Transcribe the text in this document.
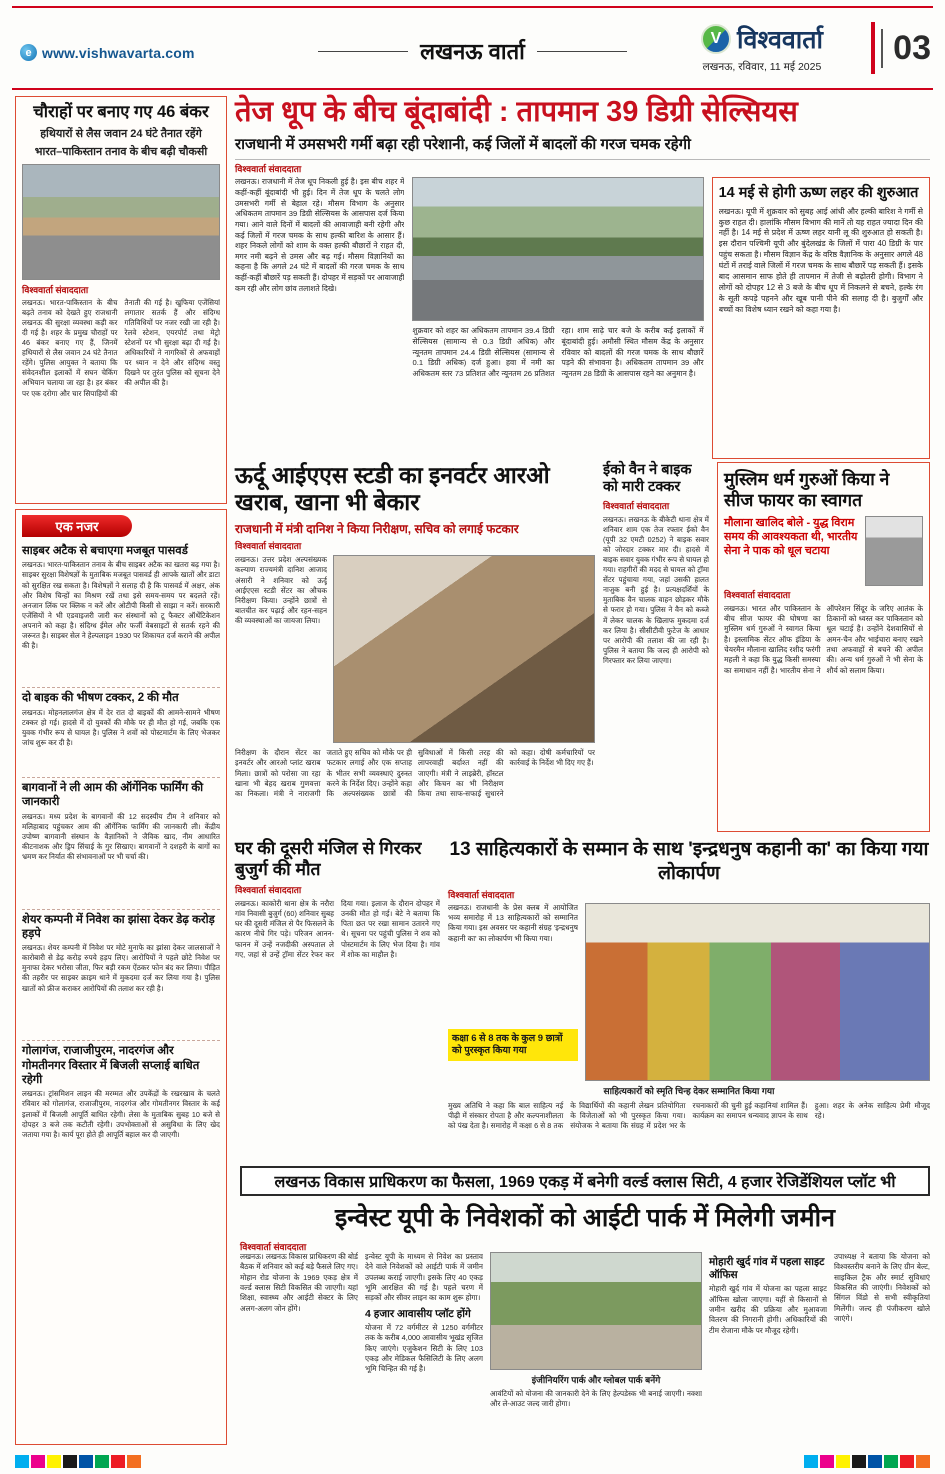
e www.vishwavarta.com	लखनऊ वार्ता
V विश्ववार्ता
लखनऊ, रविवार, 11 मई 2025
03
चौराहों पर बनाए गए 46 बंकर
हथियारों से लैस जवान 24 घंटे तैनात रहेंगे
भारत–पाकिस्तान तनाव के बीच बढ़ी चौकसी
विश्ववार्ता संवाददाता
लखनऊ। भारत-पाकिस्तान के बीच बढ़ते तनाव को देखते हुए राजधानी लखनऊ की सुरक्षा व्यवस्था कड़ी कर दी गई है। शहर के प्रमुख चौराहों पर 46 बंकर बनाए गए हैं, जिनमें हथियारों से लैस जवान 24 घंटे तैनात रहेंगे। पुलिस आयुक्त ने बताया कि संवेदनशील इलाकों में सघन चेकिंग अभियान चलाया जा रहा है। हर बंकर पर एक दरोगा और चार सिपाहियों की तैनाती की गई है। खुफिया एजेंसियां लगातार सतर्क हैं और संदिग्ध गतिविधियों पर नजर रखी जा रही है। रेलवे स्टेशन, एयरपोर्ट तथा मेट्रो स्टेशनों पर भी सुरक्षा बढ़ा दी गई है। अधिकारियों ने नागरिकों से अफवाहों पर ध्यान न देने और संदिग्ध वस्तु दिखने पर तुरंत पुलिस को सूचना देने की अपील की है।
एक नजर
साइबर अटैक से बचाएगा मजबूत पासवर्ड
लखनऊ। भारत-पाकिस्तान तनाव के बीच साइबर अटैक का खतरा बढ़ गया है। साइबर सुरक्षा विशेषज्ञों के मुताबिक मजबूत पासवर्ड ही आपके खातों और डाटा को सुरक्षित रख सकता है। विशेषज्ञों ने सलाह दी है कि पासवर्ड में अक्षर, अंक और विशेष चिन्हों का मिश्रण रखें तथा इसे समय-समय पर बदलते रहें। अनजान लिंक पर क्लिक न करें और ओटीपी किसी से साझा न करें। सरकारी एजेंसियों ने भी एडवाइजरी जारी कर संस्थानों को टू फैक्टर ऑथेंटिकेशन अपनाने को कहा है। संदिग्ध ईमेल और फर्जी वेबसाइटों से सतर्क रहने की जरूरत है। साइबर सेल ने हेल्पलाइन 1930 पर शिकायत दर्ज कराने की अपील की है।
दो बाइक की भीषण टक्कर, 2 की मौत
लखनऊ। मोहनलालगंज क्षेत्र में देर रात दो बाइकों की आमने-सामने भीषण टक्कर हो गई। हादसे में दो युवकों की मौके पर ही मौत हो गई, जबकि एक युवक गंभीर रूप से घायल है। पुलिस ने शवों को पोस्टमार्टम के लिए भेजकर जांच शुरू कर दी है।
बागवानों ने ली आम की ऑर्गेनिक फार्मिंग की जानकारी
लखनऊ। मध्य प्रदेश के बागवानों की 12 सदस्यीय टीम ने शनिवार को मलिहाबाद पहुंचकर आम की ऑर्गेनिक फार्मिंग की जानकारी ली। केंद्रीय उपोष्ण बागवानी संस्थान के वैज्ञानिकों ने जैविक खाद, नीम आधारित कीटनाशक और ड्रिप सिंचाई के गुर सिखाए। बागवानों ने दशहरी के बागों का भ्रमण कर निर्यात की संभावनाओं पर भी चर्चा की।
शेयर कम्पनी में निवेश का झांसा देकर डेढ़ करोड़ हड़पे
लखनऊ। शेयर कम्पनी में निवेश पर मोटे मुनाफे का झांसा देकर जालसाजों ने कारोबारी से डेढ़ करोड़ रुपये हड़प लिए। आरोपियों ने पहले छोटे निवेश पर मुनाफा देकर भरोसा जीता, फिर बड़ी रकम ऐंठकर फोन बंद कर लिया। पीड़ित की तहरीर पर साइबर क्राइम थाने में मुकदमा दर्ज कर लिया गया है। पुलिस खातों को फ्रीज कराकर आरोपियों की तलाश कर रही है।
गोलागंज, राजाजीपुरम, नादरगंज और गोमतीनगर विस्तार में बिजली सप्लाई बाधित रहेगी
लखनऊ। ट्रांसमिशन लाइन की मरम्मत और उपकेंद्रों के रखरखाव के चलते रविवार को गोलागंज, राजाजीपुरम, नादरगंज और गोमतीनगर विस्तार के कई इलाकों में बिजली आपूर्ति बाधित रहेगी। लेसा के मुताबिक सुबह 10 बजे से दोपहर 3 बजे तक कटौती रहेगी। उपभोक्ताओं से असुविधा के लिए खेद जताया गया है। कार्य पूरा होते ही आपूर्ति बहाल कर दी जाएगी।
तेज धूप के बीच बूंदाबांदी : तापमान 39 डिग्री सेल्सियस
राजधानी में उमसभरी गर्मी बढ़ा रही परेशानी, कई जिलों में बादलों की गरज चमक रहेगी
विश्ववार्ता संवाददाता
लखनऊ। राजधानी में तेज धूप निकली हुई है। इस बीच शहर में कहीं-कहीं बूंदाबांदी भी हुई। दिन में तेज धूप के चलते लोग उमसभरी गर्मी से बेहाल रहे। मौसम विभाग के अनुसार अधिकतम तापमान 39 डिग्री सेल्सियस के आसपास दर्ज किया गया। आने वाले दिनों में बादलों की आवाजाही बनी रहेगी और कई जिलों में गरज चमक के साथ हल्की बारिश के आसार हैं। शहर निकले लोगों को शाम के वक्त हल्की बौछारों ने राहत दी, मगर नमी बढ़ने से उमस और बढ़ गई। मौसम विज्ञानियों का कहना है कि अगले 24 घंटे में बादलों की गरज चमक के साथ कहीं-कहीं बौछारें पड़ सकती हैं। दोपहर में सड़कों पर आवाजाही कम रही और लोग छांव तलाशते दिखे।
शुक्रवार को शहर का अधिकतम तापमान 39.4 डिग्री सेल्सियस (सामान्य से 0.3 डिग्री अधिक) और न्यूनतम तापमान 24.4 डिग्री सेल्सियस (सामान्य से 0.1 डिग्री अधिक) दर्ज हुआ। हवा में नमी का अधिकतम स्तर 73 प्रतिशत और न्यूनतम 26 प्रतिशत रहा। शाम साढ़े चार बजे के करीब कई इलाकों में बूंदाबांदी हुई। अमौसी स्थित मौसम केंद्र के अनुसार रविवार को बादलों की गरज चमक के साथ बौछारें पड़ने की संभावना है। अधिकतम तापमान 39 और न्यूनतम 28 डिग्री के आसपास रहने का अनुमान है।
14 मई से होगी ऊष्ण लहर की शुरुआत
लखनऊ। यूपी में शुक्रवार को सुबह आई आंधी और हल्की बारिश ने गर्मी से कुछ राहत दी। हालांकि मौसम विभाग की मानें तो यह राहत ज्यादा दिन की नहीं है। 14 मई से प्रदेश में ऊष्ण लहर यानी लू की शुरुआत हो सकती है। इस दौरान पश्चिमी यूपी और बुंदेलखंड के जिलों में पारा 40 डिग्री के पार पहुंच सकता है। मौसम विज्ञान केंद्र के वरिष्ठ वैज्ञानिक के अनुसार अगले 48 घंटों में तराई वाले जिलों में गरज चमक के साथ बौछारें पड़ सकती हैं। इसके बाद आसमान साफ होते ही तापमान में तेजी से बढ़ोतरी होगी। विभाग ने लोगों को दोपहर 12 से 3 बजे के बीच धूप में निकलने से बचने, हल्के रंग के सूती कपड़े पहनने और खूब पानी पीने की सलाह दी है। बुजुर्गों और बच्चों का विशेष ध्यान रखने को कहा गया है।
ऊर्दू आईएएस स्टडी का इनवर्टर आरओ खराब, खाना भी बेकार
राजधानी में मंत्री दानिश ने किया निरीक्षण, सचिव को लगाई फटकार
विश्ववार्ता संवाददाता
लखनऊ। उत्तर प्रदेश अल्पसंख्यक कल्याण राज्यमंत्री दानिश आजाद अंसारी ने शनिवार को ऊर्दू आईएएस स्टडी सेंटर का औचक निरीक्षण किया। उन्होंने छात्रों से बातचीत कर पढ़ाई और रहन-सहन की व्यवस्थाओं का जायजा लिया।
निरीक्षण के दौरान सेंटर का इनवर्टर और आरओ प्लांट खराब मिला। छात्रों को परोसा जा रहा खाना भी बेहद खराब गुणवत्ता का निकला। मंत्री ने नाराजगी जताते हुए सचिव को मौके पर ही फटकार लगाई और एक सप्ताह के भीतर सभी व्यवस्थाएं दुरुस्त करने के निर्देश दिए। उन्होंने कहा कि अल्पसंख्यक छात्रों की सुविधाओं में किसी तरह की लापरवाही बर्दाश्त नहीं की जाएगी। मंत्री ने लाइब्रेरी, हॉस्टल और किचन का भी निरीक्षण किया तथा साफ-सफाई सुधारने को कहा। दोषी कर्मचारियों पर कार्रवाई के निर्देश भी दिए गए हैं।
ईको वैन ने बाइक को मारी टक्कर
विश्ववार्ता संवाददाता
लखनऊ। लखनऊ के बीकेटी थाना क्षेत्र में शनिवार शाम एक तेज रफ्तार ईको वैन (यूपी 32 एमटी 0252) ने बाइक सवार को जोरदार टक्कर मार दी। हादसे में बाइक सवार युवक गंभीर रूप से घायल हो गया। राहगीरों की मदद से घायल को ट्रॉमा सेंटर पहुंचाया गया, जहां उसकी हालत नाजुक बनी हुई है। प्रत्यक्षदर्शियों के मुताबिक वैन चालक वाहन छोड़कर मौके से फरार हो गया। पुलिस ने वैन को कब्जे में लेकर चालक के खिलाफ मुकदमा दर्ज कर लिया है। सीसीटीवी फुटेज के आधार पर आरोपी की तलाश की जा रही है। पुलिस ने बताया कि जल्द ही आरोपी को गिरफ्तार कर लिया जाएगा।
मुस्लिम धर्म गुरुओं किया ने सीज फायर का स्वागत
मौलाना खालिद बोले - युद्ध विराम समय की आवश्यकता थी, भारतीय सेना ने पाक को धूल चटाया
विश्ववार्ता संवाददाता
लखनऊ। भारत और पाकिस्तान के बीच सीज फायर की घोषणा का मुस्लिम धर्म गुरुओं ने स्वागत किया है। इस्लामिक सेंटर ऑफ इंडिया के चेयरमैन मौलाना खालिद रशीद फरंगी महली ने कहा कि युद्ध किसी समस्या का समाधान नहीं है। भारतीय सेना ने ऑपरेशन सिंदूर के जरिए आतंक के ठिकानों को ध्वस्त कर पाकिस्तान को धूल चटाई है। उन्होंने देशवासियों से अमन-चैन और भाईचारा बनाए रखने तथा अफवाहों से बचने की अपील की। अन्य धर्म गुरुओं ने भी सेना के शौर्य को सलाम किया।
घर की दूसरी मंजिल से गिरकर बुजुर्ग की मौत
विश्ववार्ता संवाददाता
लखनऊ। काकोरी थाना क्षेत्र के नरौरा गांव निवासी बुजुर्ग (60) शनिवार सुबह घर की दूसरी मंजिल से पैर फिसलने के कारण नीचे गिर पड़े। परिजन आनन-फानन में उन्हें नजदीकी अस्पताल ले गए, जहां से उन्हें ट्रॉमा सेंटर रेफर कर दिया गया। इलाज के दौरान दोपहर में उनकी मौत हो गई। बेटे ने बताया कि पिता छत पर रखा सामान उतारने गए थे। सूचना पर पहुंची पुलिस ने शव को पोस्टमार्टम के लिए भेज दिया है। गांव में शोक का माहौल है।
13 साहित्यकारों के सम्मान के साथ 'इन्द्रधनुष कहानी का' का किया गया लोकार्पण
विश्ववार्ता संवाददाता
लखनऊ। राजधानी के प्रेस क्लब में आयोजित भव्य समारोह में 13 साहित्यकारों को सम्मानित किया गया। इस अवसर पर कहानी संग्रह 'इन्द्रधनुष कहानी का' का लोकार्पण भी किया गया।
कक्षा 6 से 8 तक के कुल 9 छात्रों को पुरस्कृत किया गया
साहित्यकारों को स्मृति चिन्ह देकर सम्मानित किया गया
मुख्य अतिथि ने कहा कि बाल साहित्य नई पीढ़ी में संस्कार रोपता है और कल्पनाशीलता को पंख देता है। समारोह में कक्षा 6 से 8 तक के विद्यार्थियों की कहानी लेखन प्रतियोगिता के विजेताओं को भी पुरस्कृत किया गया। संयोजक ने बताया कि संग्रह में प्रदेश भर के रचनाकारों की चुनी हुई कहानियां शामिल हैं। कार्यक्रम का समापन धन्यवाद ज्ञापन के साथ हुआ। शहर के अनेक साहित्य प्रेमी मौजूद रहे।
लखनऊ विकास प्राधिकरण का फैसला, 1969 एकड़ में बनेगी वर्ल्ड क्लास सिटी, 4 हजार रेजिडेंशियल प्लॉट भी
इन्वेस्ट यूपी के निवेशकों को आईटी पार्क में मिलेगी जमीन
विश्ववार्ता संवाददाता
लखनऊ। लखनऊ विकास प्राधिकरण की बोर्ड बैठक में शनिवार को कई बड़े फैसले लिए गए। मोहान रोड योजना के 1969 एकड़ क्षेत्र में वर्ल्ड क्लास सिटी विकसित की जाएगी। यहां शिक्षा, स्वास्थ्य और आईटी सेक्टर के लिए अलग-अलग जोन होंगे।
इन्वेस्ट यूपी के माध्यम से निवेश का प्रस्ताव देने वाले निवेशकों को आईटी पार्क में जमीन उपलब्ध कराई जाएगी। इसके लिए 40 एकड़ भूमि आरक्षित की गई है। पहले चरण में सड़कों और सीवर लाइन का काम शुरू होगा।
4 हजार आवासीय प्लॉट होंगे
योजना में 72 वर्गमीटर से 1250 वर्गमीटर तक के करीब 4,000 आवासीय भूखंड सृजित किए जाएंगे। एजुकेशन सिटी के लिए 103 एकड़ और मेडिकल फैसिलिटी के लिए अलग भूमि चिन्हित की गई है।
इंजीनियरिंग पार्क और ग्लोबल पार्क बनेंगे
आवंटियों को योजना की जानकारी देने के लिए हेल्पडेस्क भी बनाई जाएगी। नक्शा और ले-आउट जल्द जारी होगा।
मोहारी खुर्द गांव में पहला साइट ऑफिस
मोहारी खुर्द गांव में योजना का पहला साइट ऑफिस खोला जाएगा। यहीं से किसानों से जमीन खरीद की प्रक्रिया और मुआवजा वितरण की निगरानी होगी। अधिकारियों की टीम रोजाना मौके पर मौजूद रहेगी।
उपाध्यक्ष ने बताया कि योजना को विश्वस्तरीय बनाने के लिए ग्रीन बेल्ट, साइकिल ट्रैक और स्मार्ट सुविधाएं विकसित की जाएंगी। निवेशकों को सिंगल विंडो से सभी स्वीकृतियां मिलेंगी। जल्द ही पंजीकरण खोले जाएंगे।
